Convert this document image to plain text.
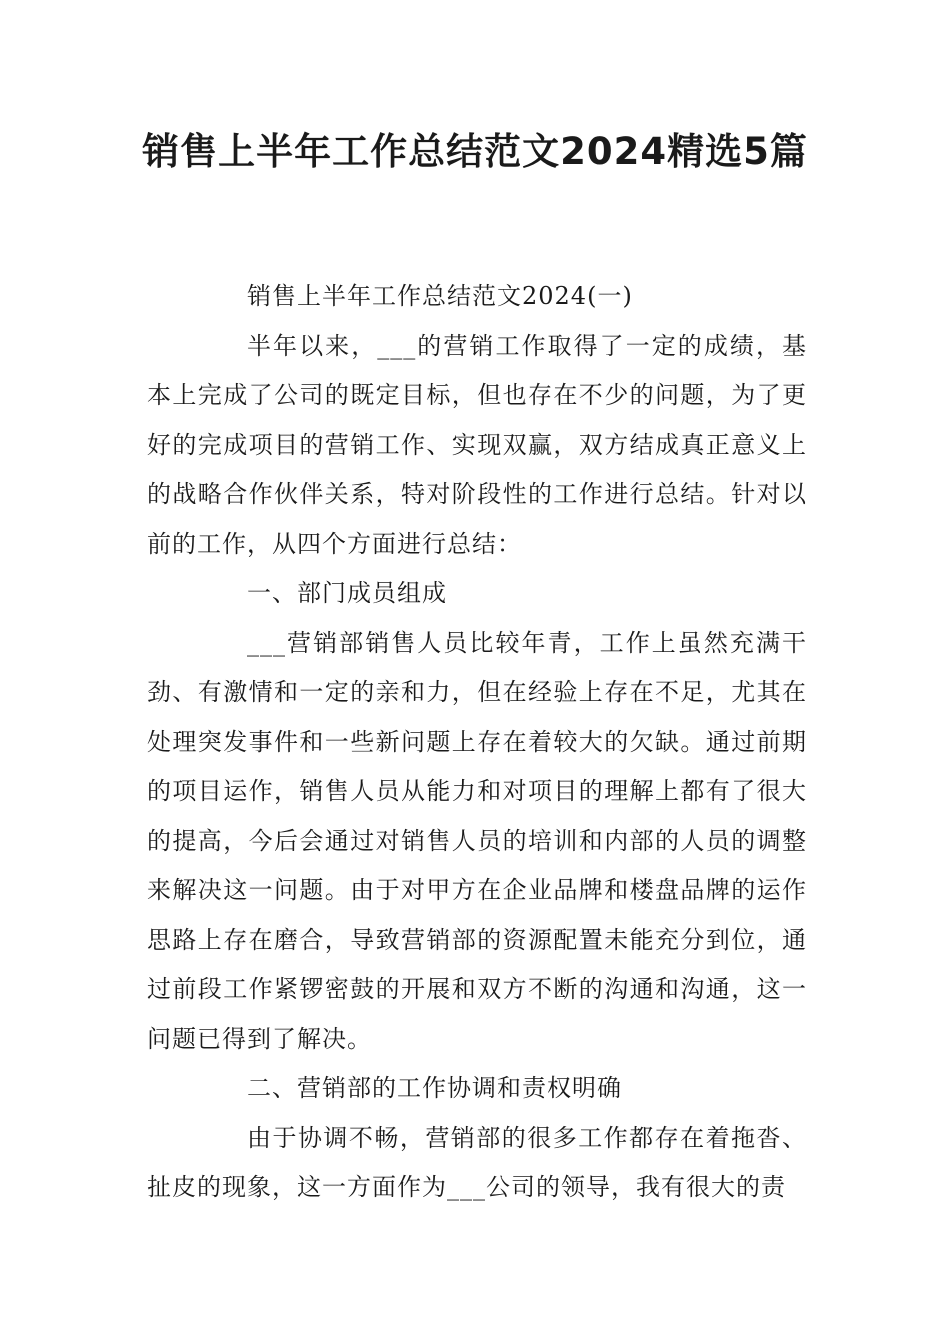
销售上半年工作总结范文2024精选5篇

销售上半年工作总结范文2024(一)

半年以来，___的营销工作取得了一定的成绩，基本上完成了公司的既定目标，但也存在不少的问题，为了更好的完成项目的营销工作、实现双赢，双方结成真正意义上的战略合作伙伴关系，特对阶段性的工作进行总结。针对以前的工作，从四个方面进行总结：

一、部门成员组成

___营销部销售人员比较年青，工作上虽然充满干劲、有激情和一定的亲和力，但在经验上存在不足，尤其在处理突发事件和一些新问题上存在着较大的欠缺。通过前期的项目运作，销售人员从能力和对项目的理解上都有了很大的提高，今后会通过对销售人员的培训和内部的人员的调整来解决这一问题。由于对甲方在企业品牌和楼盘品牌的运作思路上存在磨合，导致营销部的资源配置未能充分到位，通过前段工作紧锣密鼓的开展和双方不断的沟通和沟通，这一问题已得到了解决。

二、营销部的工作协调和责权明确

由于协调不畅，营销部的很多工作都存在着拖沓、扯皮的现象，这一方面作为___公司的领导，我有很大的责
